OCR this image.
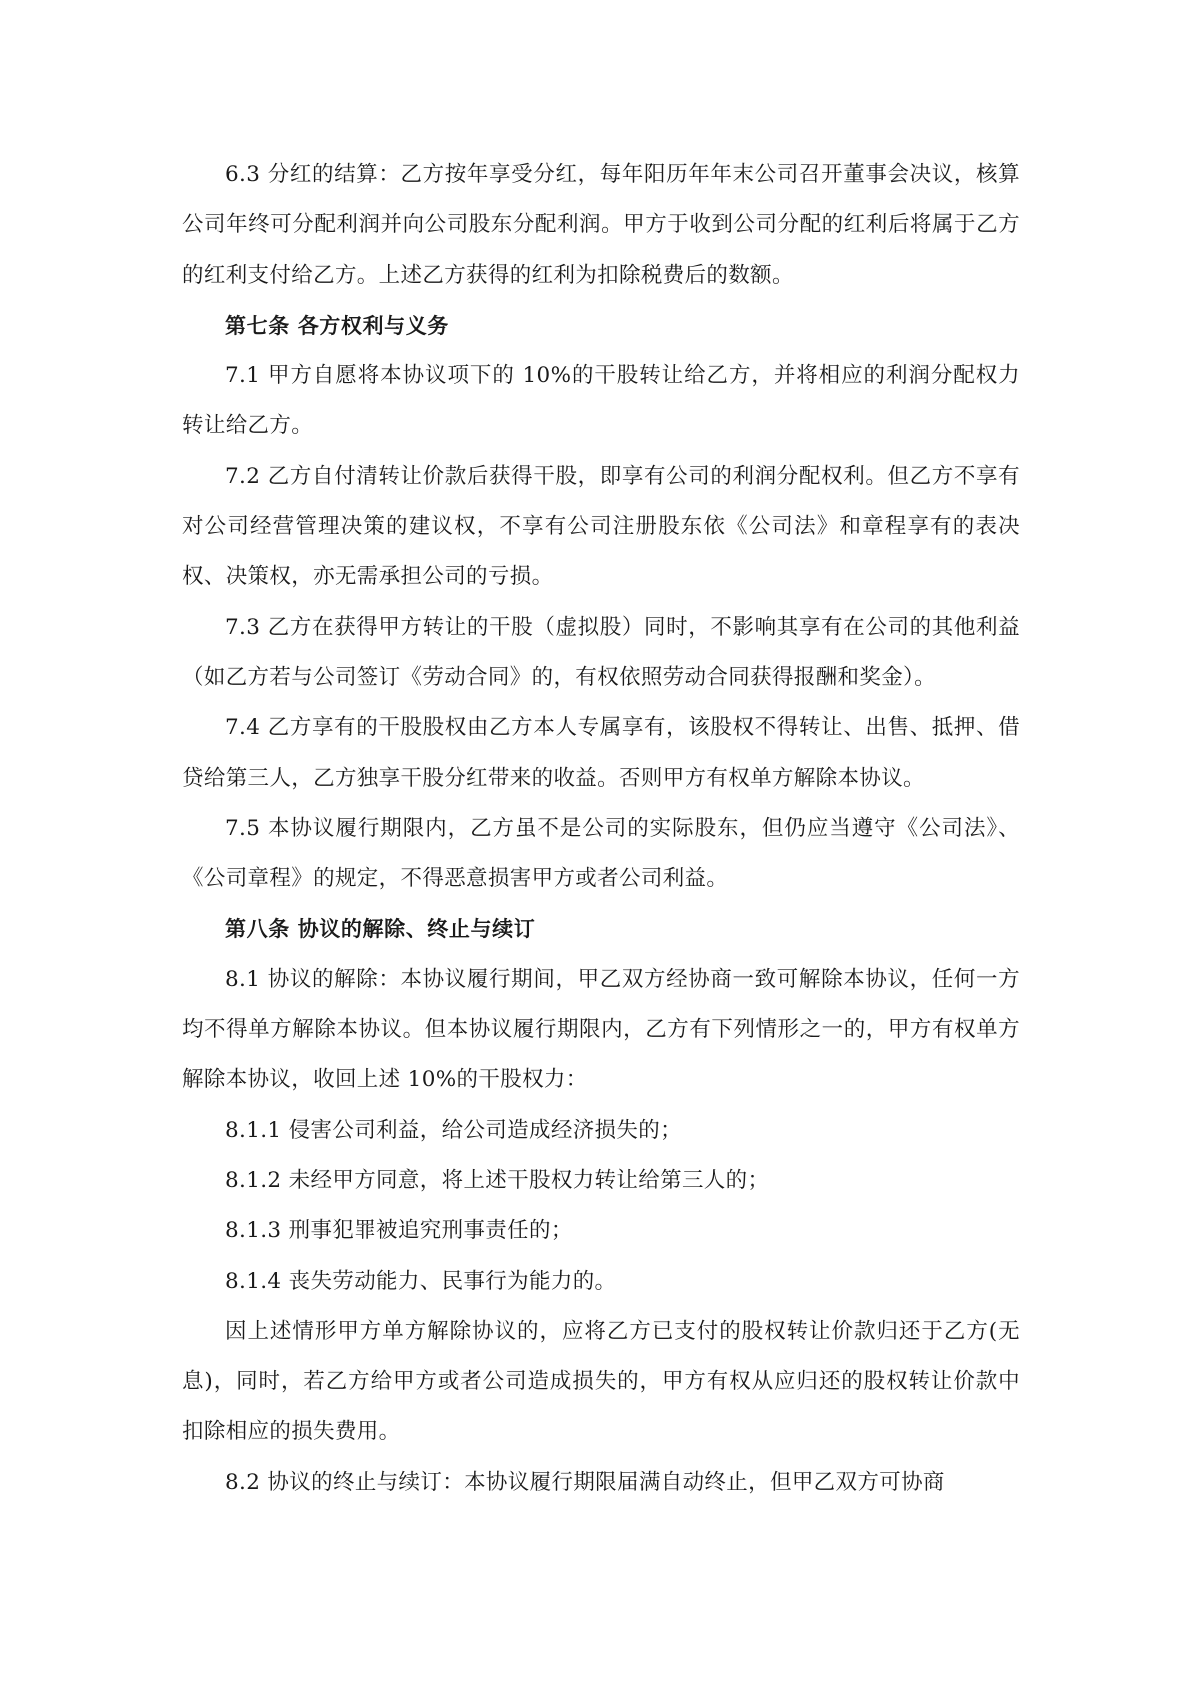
6.3 分红的结算：乙方按年享受分红，每年阳历年年末公司召开董事会决议，核算公司年终可分配利润并向公司股东分配利润。甲方于收到公司分配的红利后将属于乙方的红利支付给乙方。上述乙方获得的红利为扣除税费后的数额。

第七条 各方权利与义务

7.1 甲方自愿将本协议项下的 10%的干股转让给乙方，并将相应的利润分配权力转让给乙方。

7.2 乙方自付清转让价款后获得干股，即享有公司的利润分配权利。但乙方不享有对公司经营管理决策的建议权，不享有公司注册股东依《公司法》和章程享有的表决权、决策权，亦无需承担公司的亏损。

7.3 乙方在获得甲方转让的干股（虚拟股）同时，不影响其享有在公司的其他利益（如乙方若与公司签订《劳动合同》的，有权依照劳动合同获得报酬和奖金）。

7.4 乙方享有的干股股权由乙方本人专属享有，该股权不得转让、出售、抵押、借贷给第三人，乙方独享干股分红带来的收益。否则甲方有权单方解除本协议。

7.5 本协议履行期限内，乙方虽不是公司的实际股东，但仍应当遵守《公司法》、《公司章程》的规定，不得恶意损害甲方或者公司利益。

第八条 协议的解除、终止与续订

8.1 协议的解除：本协议履行期间，甲乙双方经协商一致可解除本协议，任何一方均不得单方解除本协议。但本协议履行期限内，乙方有下列情形之一的，甲方有权单方解除本协议，收回上述 10%的干股权力：

8.1.1 侵害公司利益，给公司造成经济损失的；

8.1.2 未经甲方同意，将上述干股权力转让给第三人的；

8.1.3 刑事犯罪被追究刑事责任的；

8.1.4 丧失劳动能力、民事行为能力的。

因上述情形甲方单方解除协议的，应将乙方已支付的股权转让价款归还于乙方(无息)，同时，若乙方给甲方或者公司造成损失的，甲方有权从应归还的股权转让价款中扣除相应的损失费用。

8.2 协议的终止与续订：本协议履行期限届满自动终止，但甲乙双方可协商
